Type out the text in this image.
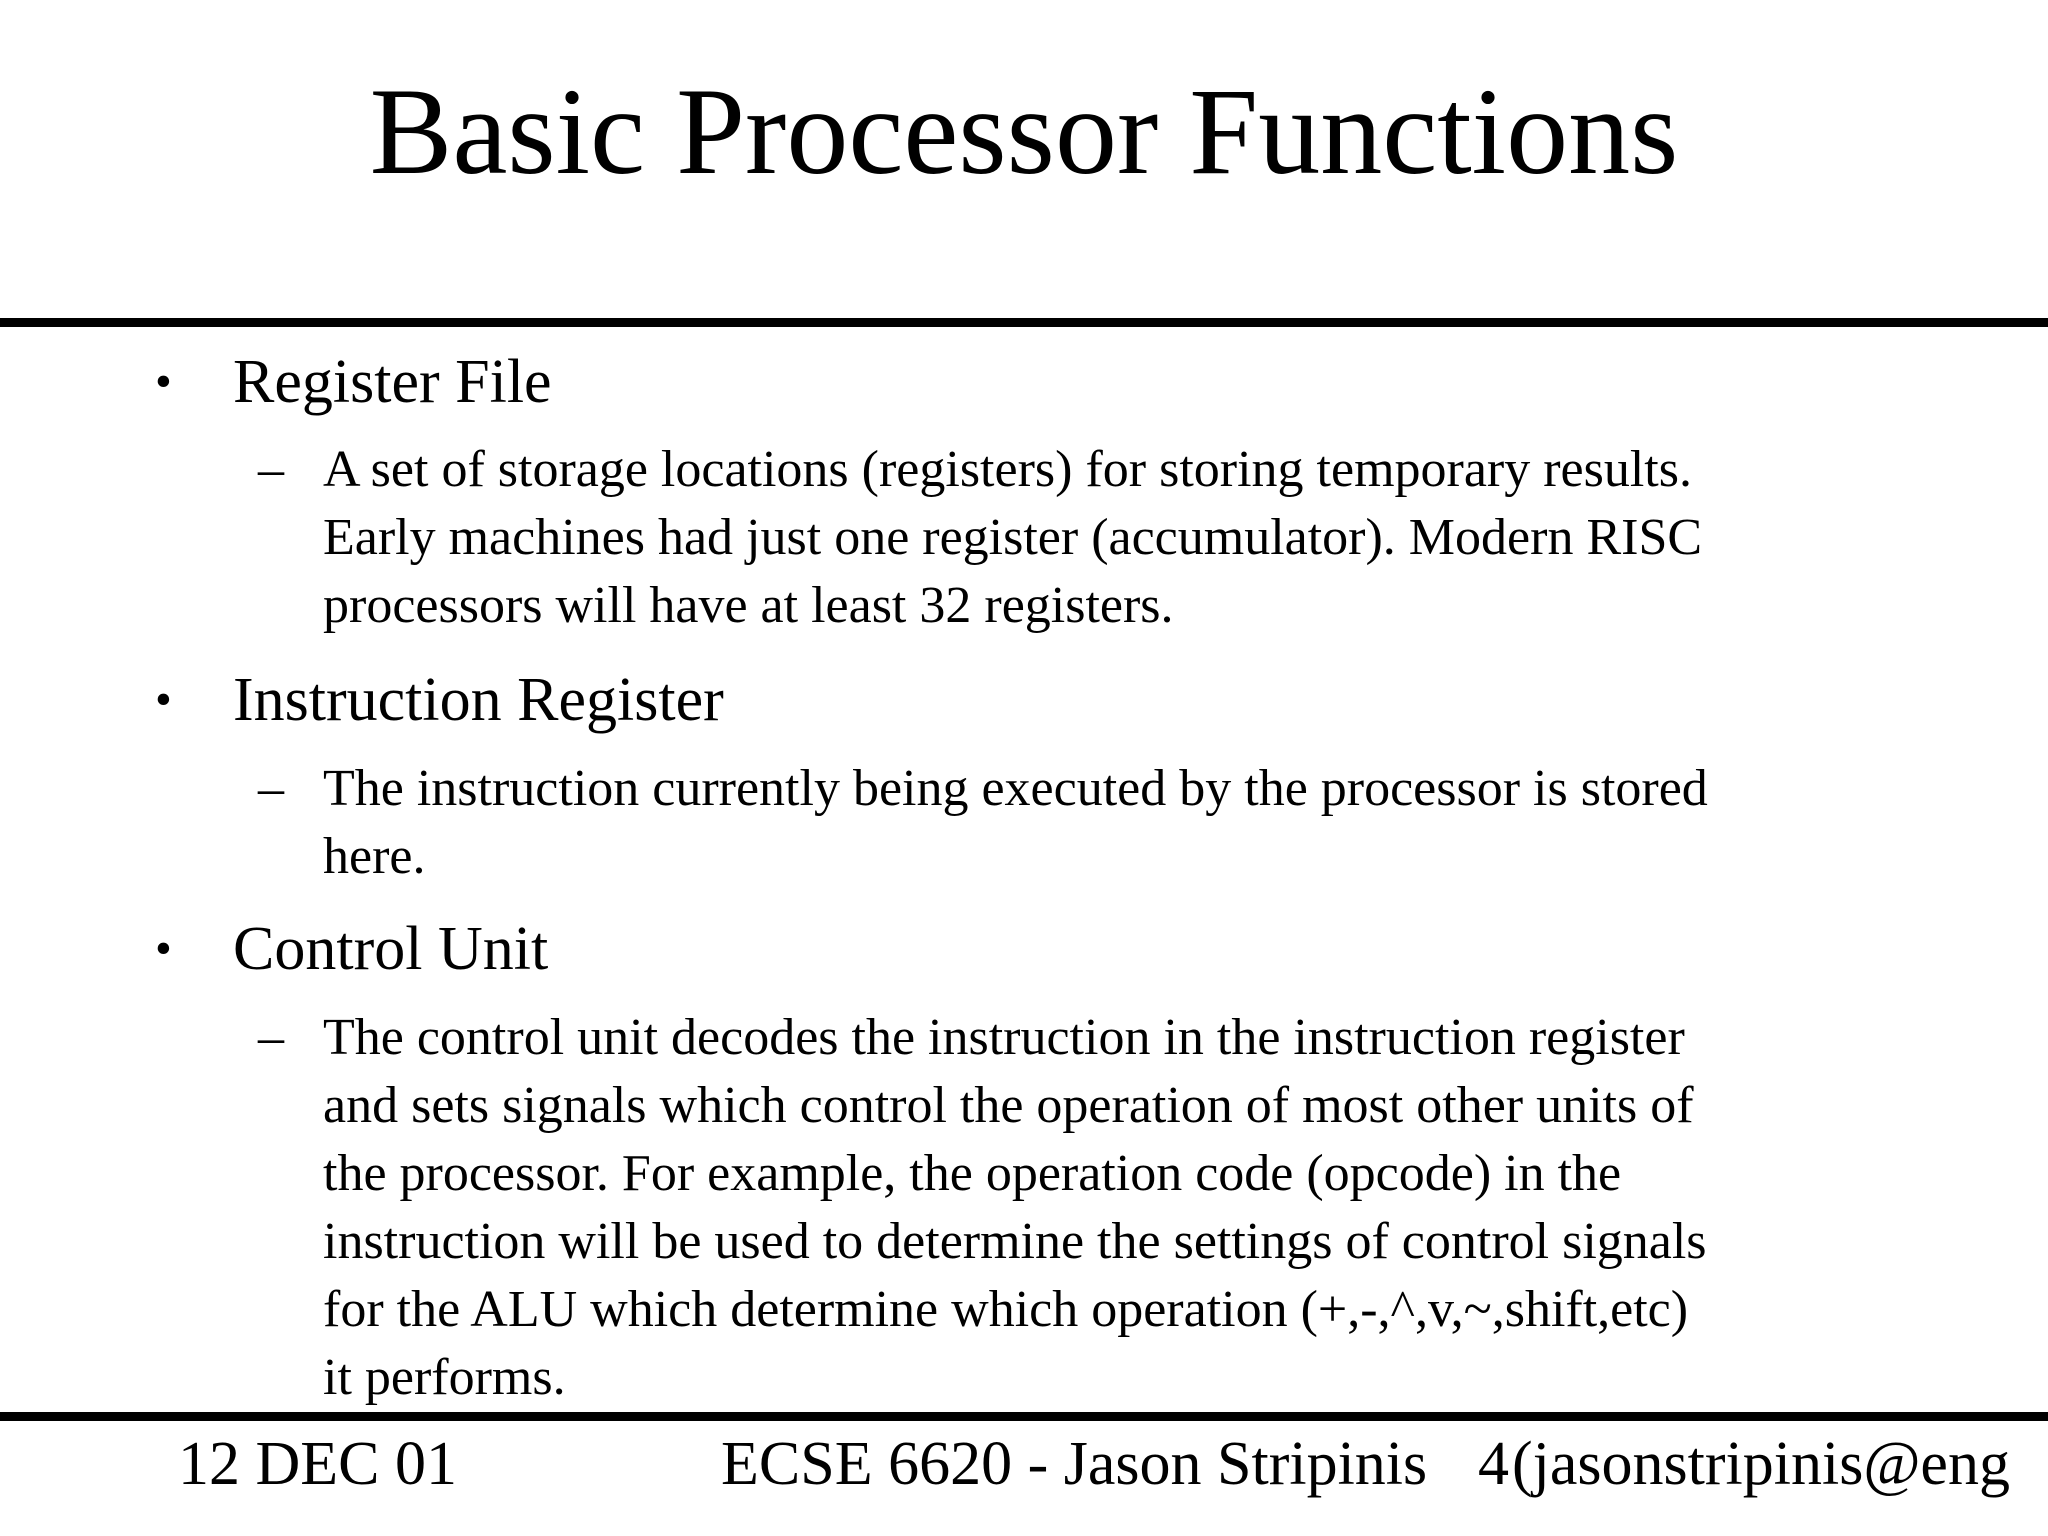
Basic Processor Functions
• Register File
– A set of storage locations (registers) for storing temporary results.
Early machines had just one register (accumulator). Modern RISC
processors will have at least 32 registers.
• Instruction Register
– The instruction currently being executed by the processor is stored
here.
• Control Unit
– The control unit decodes the instruction in the instruction register
and sets signals which control the operation of most other units of
the processor. For example, the operation code (opcode) in the
instruction will be used to determine the settings of control signals
for the ALU which determine which operation (+,-,^,v,~,shift,etc)
it performs.
12 DEC 01	ECSE 6620 - Jason Stripinis 4 (jasonstripinis@eng
